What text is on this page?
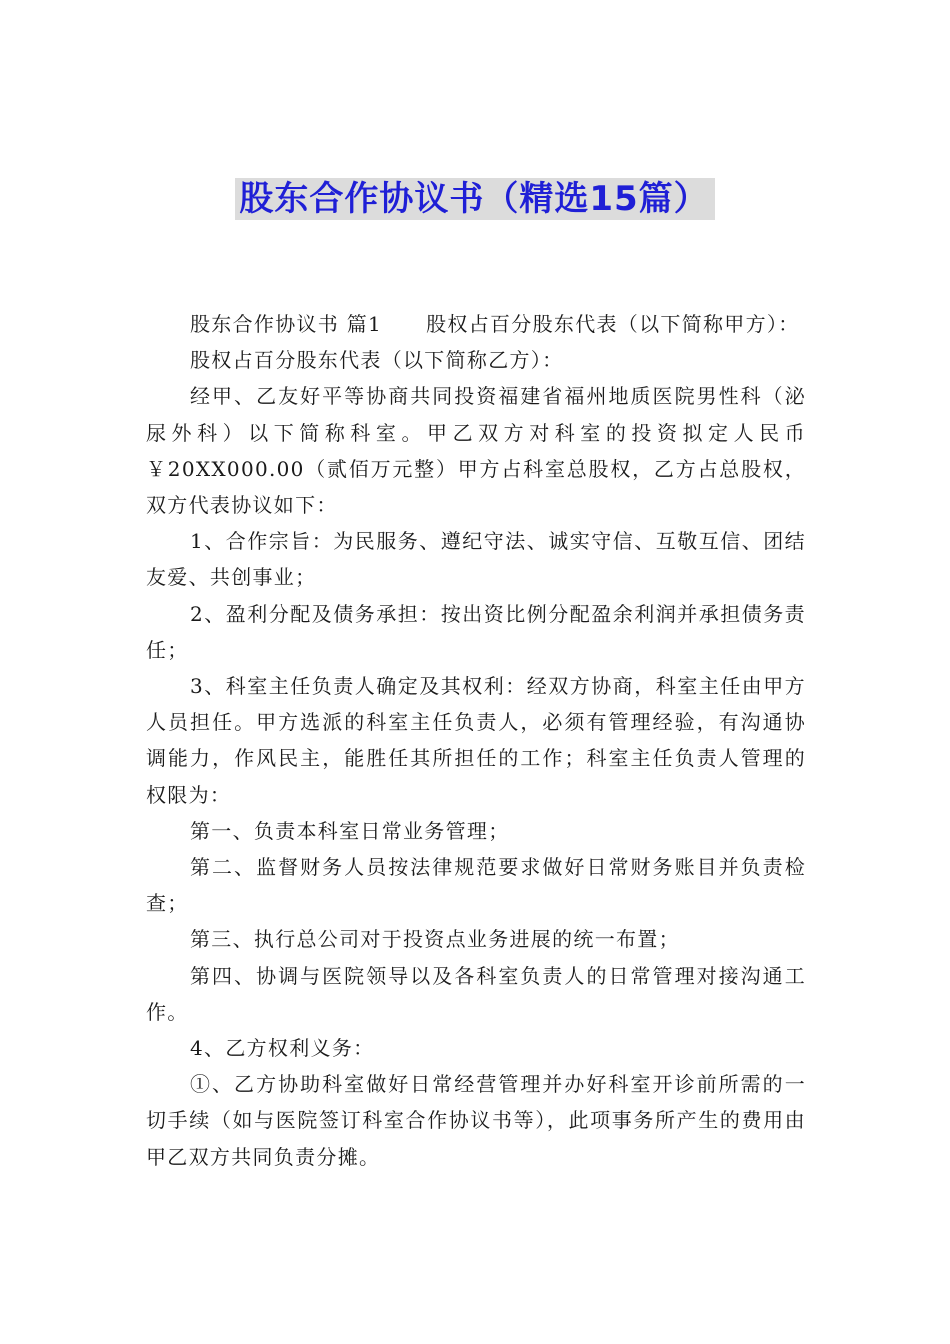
股东合作协议书（精选15篇）

股东合作协议书 篇1 股权占百分股东代表（以下简称甲方）：

股权占百分股东代表（以下简称乙方）：

经甲、乙友好平等协商共同投资福建省福州地质医院男性科（泌尿外科）以下简称科室。甲乙双方对科室的投资拟定人民币￥20XX000.00（贰佰万元整）甲方占科室总股权，乙方占总股权，双方代表协议如下：

1、合作宗旨：为民服务、遵纪守法、诚实守信、互敬互信、团结友爱、共创事业；

2、盈利分配及债务承担：按出资比例分配盈余利润并承担债务责任；

3、科室主任负责人确定及其权利：经双方协商，科室主任由甲方人员担任。甲方选派的科室主任负责人，必须有管理经验，有沟通协调能力，作风民主，能胜任其所担任的工作；科室主任负责人管理的权限为：

第一、负责本科室日常业务管理；

第二、监督财务人员按法律规范要求做好日常财务账目并负责检查；

第三、执行总公司对于投资点业务进展的统一布置；

第四、协调与医院领导以及各科室负责人的日常管理对接沟通工作。

4、乙方权利义务：

①、乙方协助科室做好日常经营管理并办好科室开诊前所需的一切手续（如与医院签订科室合作协议书等），此项事务所产生的费用由甲乙双方共同负责分摊。
